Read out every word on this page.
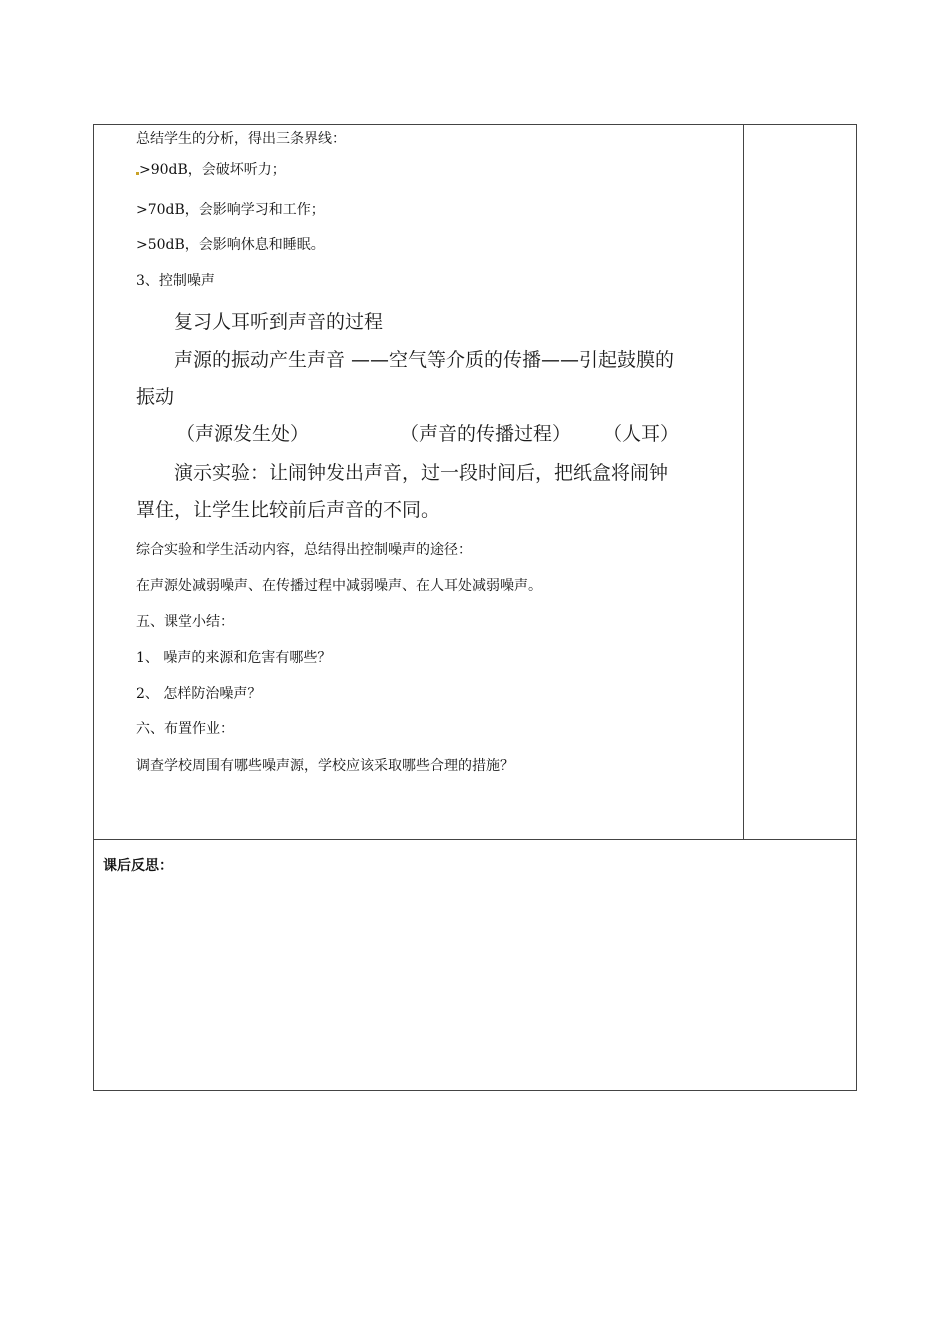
总结学生的分析，得出三条界线：
>90dB，会破坏听力；
>70dB，会影响学习和工作；
>50dB，会影响休息和睡眠。
3、控制噪声
复习人耳听到声音的过程
声源的振动产生声音 ——空气等介质的传播——引起鼓膜的
振动
（声源发生处）	（声音的传播过程） （人耳）
演示实验：让闹钟发出声音，过一段时间后，把纸盒将闹钟
罩住，让学生比较前后声音的不同。
综合实验和学生活动内容，总结得出控制噪声的途径：
在声源处减弱噪声、在传播过程中减弱噪声、在人耳处减弱噪声。
五、课堂小结：
1、 噪声的来源和危害有哪些？
2、 怎样防治噪声？
六、布置作业：
调查学校周围有哪些噪声源，学校应该采取哪些合理的措施？
课后反思：
